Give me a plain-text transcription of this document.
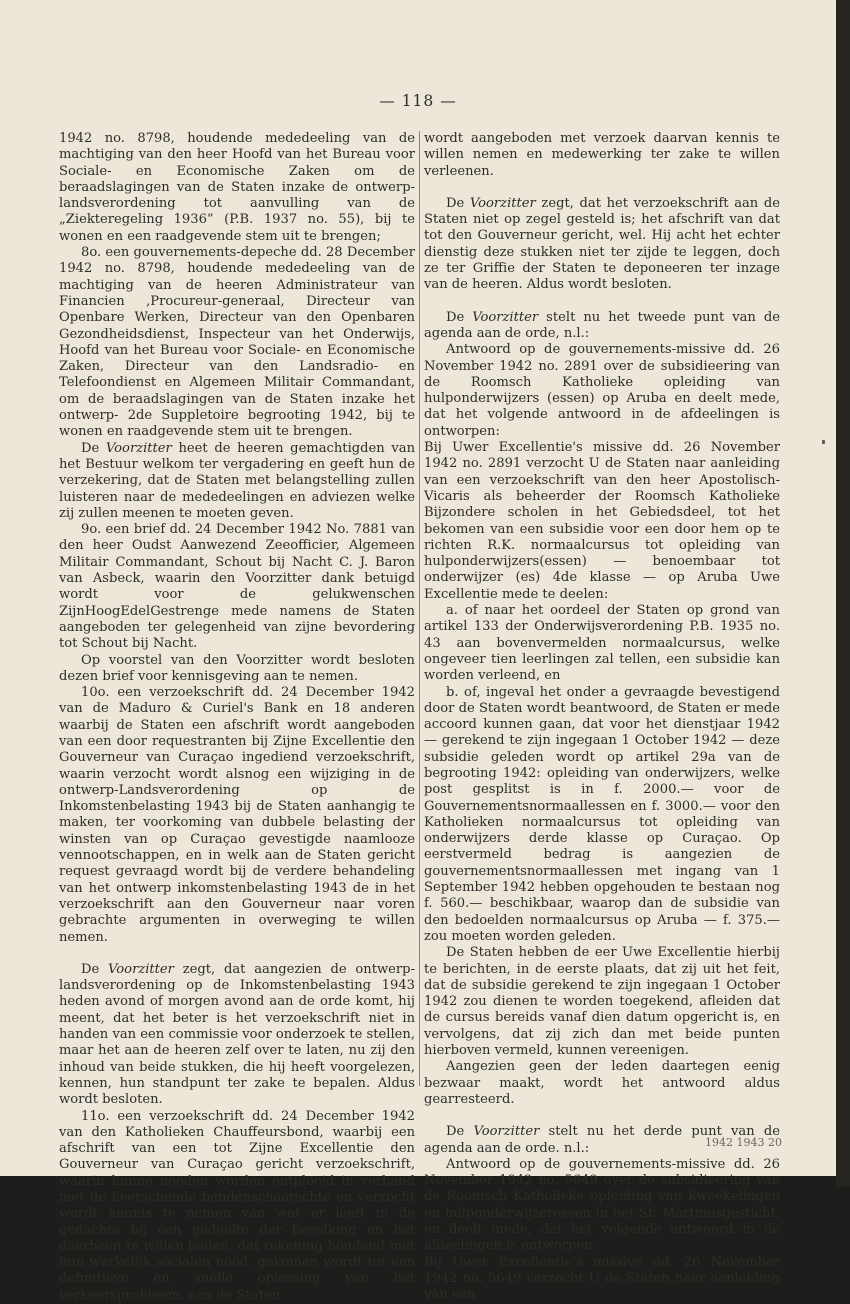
— 118 —

1942 no. 8798, houdende mededeeling van de machtiging van den heer Hoofd van het Bureau voor Sociale- en Economische Zaken om de beraadslagingen van de Staten inzake de ontwerp-landsverordening tot aanvulling van de „Ziekteregeling 1936” (P.B. 1937 no. 55), bij te wonen en een raadgevende stem uit te brengen;

8o. een gouvernements-depeche dd. 28 December 1942 no. 8798, houdende mededeeling van de machtiging van de heeren Administrateur van Financien ,Procureur-generaal, Directeur van Openbare Werken, Directeur van den Openbaren Gezondheidsdienst, Inspecteur van het Onderwijs, Hoofd van het Bureau voor Sociale- en Economische Zaken, Directeur van den Landsradio- en Telefoondienst en Algemeen Militair Commandant, om de beraadslagingen van de Staten inzake het ontwerp- 2de Suppletoire begrooting 1942, bij te wonen en raadgevende stem uit te brengen.

De Voorzitter heet de heeren gemachtigden van het Bestuur welkom ter vergadering en geeft hun de verzekering, dat de Staten met belangstelling zullen luisteren naar de mededeelingen en adviezen welke zij zullen meenen te moeten geven.

9o. een brief dd. 24 December 1942 No. 7881 van den heer Oudst Aanwezend Zeeofficier, Algemeen Militair Commandant, Schout bij Nacht C. J. Baron van Asbeck, waarin den Voorzitter dank betuigd wordt voor de gelukwenschen ZijnHoogEdelGestrenge mede namens de Staten aangeboden ter gelegenheid van zijne bevordering tot Schout bij Nacht.

Op voorstel van den Voorzitter wordt besloten dezen brief voor kennisgeving aan te nemen.

10o. een verzoekschrift dd. 24 December 1942 van de Maduro & Curiel's Bank en 18 anderen waarbij de Staten een afschrift wordt aangeboden van een door requestranten bij Zijne Excellentie den Gouverneur van Curaçao ingediend verzoekschrift, waarin verzocht wordt alsnog een wijziging in de ontwerp-Landsverordening op de Inkomstenbelasting 1943 bij de Staten aanhangig te maken, ter voorkoming van dubbele belasting der winsten van op Curaçao gevestigde naamlooze vennootschappen, en in welk aan de Staten gericht request gevraagd wordt bij de verdere behandeling van het ontwerp inkomstenbelasting 1943 de in het verzoekschrift aan den Gouverneur naar voren gebrachte argumenten in overweging te willen nemen.

De Voorzitter zegt, dat aangezien de ontwerp-landsverordening op de Inkomstenbelasting 1943 heden avond of morgen avond aan de orde komt, hij meent, dat het beter is het verzoekschrift niet in handen van een commissie voor onderzoek te stellen, maar het aan de heeren zelf over te laten, nu zij den inhoud van beide stukken, die hij heeft voorgelezen, kennen, hun standpunt ter zake te bepalen. Aldus wordt besloten.

11o. een verzoekschrift dd. 24 December 1942 van den Katholieken Chauffeursbond, waarbij een afschrift van een tot Zijne Excellentie den Gouverneur van Curaçao gericht verzoekschrift, waarin hunne nooden worden ontplooid in verband met de heerschende bandenschaarschte en verzocht wordt kennis te nemen van wat er leeft in de gedachte bij een gedeelte der bevolking en het daarheen te willen leiden, dat rekening houdend met hun werkelijk socialen nood, gekomen wordt tot een definitieve en snelle oplossing van het verkeersprobleem, aan de Staten

wordt aangeboden met verzoek daarvan kennis te willen nemen en medewerking ter zake te willen verleenen.

De Voorzitter zegt, dat het verzoekschrift aan de Staten niet op zegel gesteld is; het afschrift van dat tot den Gouverneur gericht, wel. Hij acht het echter dienstig deze stukken niet ter zijde te leggen, doch ze ter Griffie der Staten te deponeeren ter inzage van de heeren. Aldus wordt besloten.

De Voorzitter stelt nu het tweede punt van de agenda aan de orde, n.l.:

Antwoord op de gouvernements-missive dd. 26 November 1942 no. 2891 over de subsidieering van de Roomsch Katholieke opleiding van hulponderwijzers (essen) op Aruba en deelt mede, dat het volgende antwoord in de afdeelingen is ontworpen:

Bij Uwer Excellentie's missive dd. 26 November 1942 no. 2891 verzocht U de Staten naar aanleiding van een verzoekschrift van den heer Apostolisch-Vicaris als beheerder der Roomsch Katholieke Bijzondere scholen in het Gebiedsdeel, tot het bekomen van een subsidie voor een door hem op te richten R.K. normaalcursus tot opleiding van hulponderwijzers(essen) — benoembaar tot onderwijzer (es) 4de klasse — op Aruba Uwe Excellentie mede te deelen:

a. of naar het oordeel der Staten op grond van artikel 133 der Onderwijsverordening P.B. 1935 no. 43 aan bovenvermelden normaalcursus, welke ongeveer tien leerlingen zal tellen, een subsidie kan worden verleend, en

b. of, ingeval het onder a gevraagde bevestigend door de Staten wordt beantwoord, de Staten er mede accoord kunnen gaan, dat voor het dienstjaar 1942 — gerekend te zijn ingegaan 1 October 1942 — deze subsidie geleden wordt op artikel 29a van de begrooting 1942: opleiding van onderwijzers, welke post gesplitst is in f. 2000.— voor de Gouvernementsnormaallessen en f. 3000.— voor den Katholieken normaalcursus tot opleiding van onderwijzers derde klasse op Curaçao. Op eerstvermeld bedrag is aangezien de gouvernementsnormaallessen met ingang van 1 September 1942 hebben opgehouden te bestaan nog f. 560.— beschikbaar, waarop dan de subsidie van den bedoelden normaalcursus op Aruba — f. 375.— zou moeten worden geleden.

De Staten hebben de eer Uwe Excellentie hierbij te berichten, in de eerste plaats, dat zij uit het feit, dat de subsidie gerekend te zijn ingegaan 1 October 1942 zou dienen te worden toegekend, afleiden dat de cursus bereids vanaf dien datum opgericht is, en vervolgens, dat zij zich dan met beide punten hierboven vermeld, kunnen vereenigen.

Aangezien geen der leden daartegen eenig bezwaar maakt, wordt het antwoord aldus gearresteerd.

De Voorzitter stelt nu het derde punt van de agenda aan de orde. n.l.:

Antwoord op de gouvernements-missive dd. 26 November 1942 no. 5649 over de subsidieering van de Roomsch Katholieke opleiding van kweekelingen en hulponderwijzeressen in het St. Martinusgesticht, en deelt mede, dat het volgende antwoord in de afdeelingen is ontworpen:

Bij Uwer Excellentie's missive dd. 26 November 1942 no. 5649 verzocht U de Staten naar aanleiding van een

1942 1943 20
